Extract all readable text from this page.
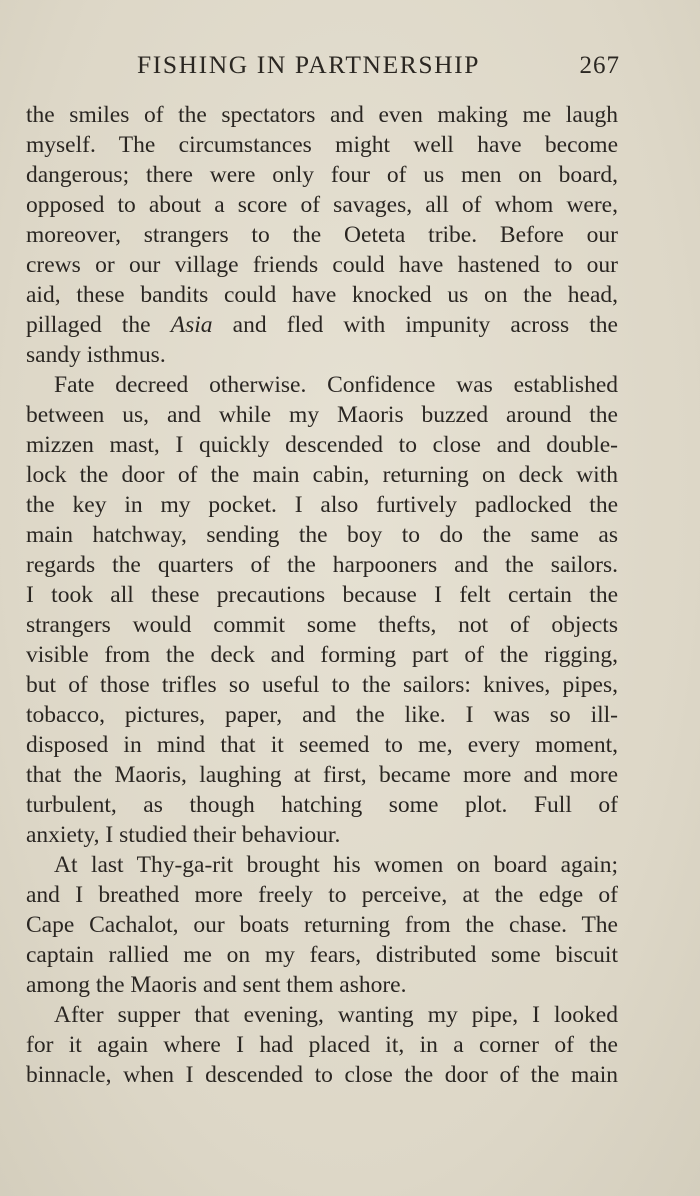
FISHING IN PARTNERSHIP	267
the smiles of the spectators and even making me laugh
myself. The circumstances might well have become
dangerous; there were only four of us men on board,
opposed to about a score of savages, all of whom were,
moreover, strangers to the Oeteta tribe. Before our
crews or our village friends could have hastened to our
aid, these bandits could have knocked us on the head,
pillaged the Asia and fled with impunity across the
sandy isthmus.
Fate decreed otherwise. Confidence was established
between us, and while my Maoris buzzed around the
mizzen mast, I quickly descended to close and double-
lock the door of the main cabin, returning on deck with
the key in my pocket. I also furtively padlocked the
main hatchway, sending the boy to do the same as
regards the quarters of the harpooners and the sailors.
I took all these precautions because I felt certain the
strangers would commit some thefts, not of objects
visible from the deck and forming part of the rigging,
but of those trifles so useful to the sailors: knives, pipes,
tobacco, pictures, paper, and the like. I was so ill-
disposed in mind that it seemed to me, every moment,
that the Maoris, laughing at first, became more and more
turbulent, as though hatching some plot. Full of
anxiety, I studied their behaviour.
At last Thy-ga-rit brought his women on board again;
and I breathed more freely to perceive, at the edge of
Cape Cachalot, our boats returning from the chase. The
captain rallied me on my fears, distributed some biscuit
among the Maoris and sent them ashore.
After supper that evening, wanting my pipe, I looked
for it again where I had placed it, in a corner of the
binnacle, when I descended to close the door of the main
